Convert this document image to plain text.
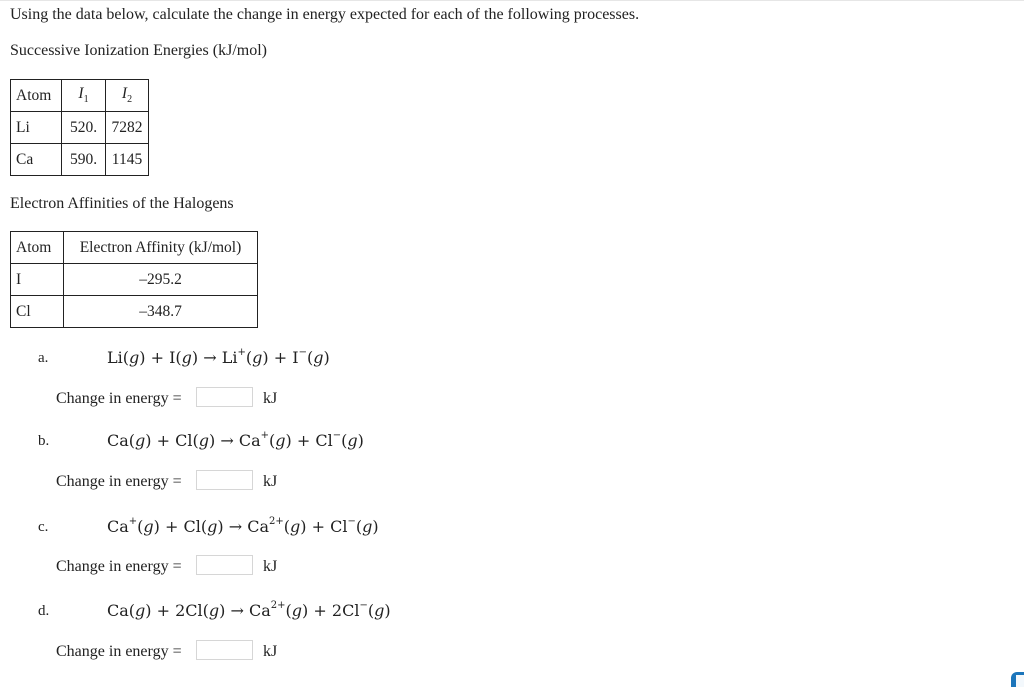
Using the data below, calculate the change in energy expected for each of the following processes.
Successive Ionization Energies (kJ/mol)
Atom	$I_1$	$I_2$
Li	520.	7282
Ca	590.	1145
Electron Affinities of the Halogens
Atom	Electron Affinity (kJ/mol)
I	–295.2
Cl	–348.7
a.	Li(g) + I(g) → Li+(g) + I−(g)
Change in energy =	kJ
b.	Ca(g) + Cl(g) → Ca+(g) + Cl−(g)
Change in energy =	kJ
c.	$Ca^+(g) + Cl(g) \to Ca^{2+}(g) + Cl^-(g)$
Change in energy =	kJ
d.	$Ca(g) + 2Cl(g) \to Ca^{2+}(g) + 2Cl^-(g)$
Change in energy =	kJ
